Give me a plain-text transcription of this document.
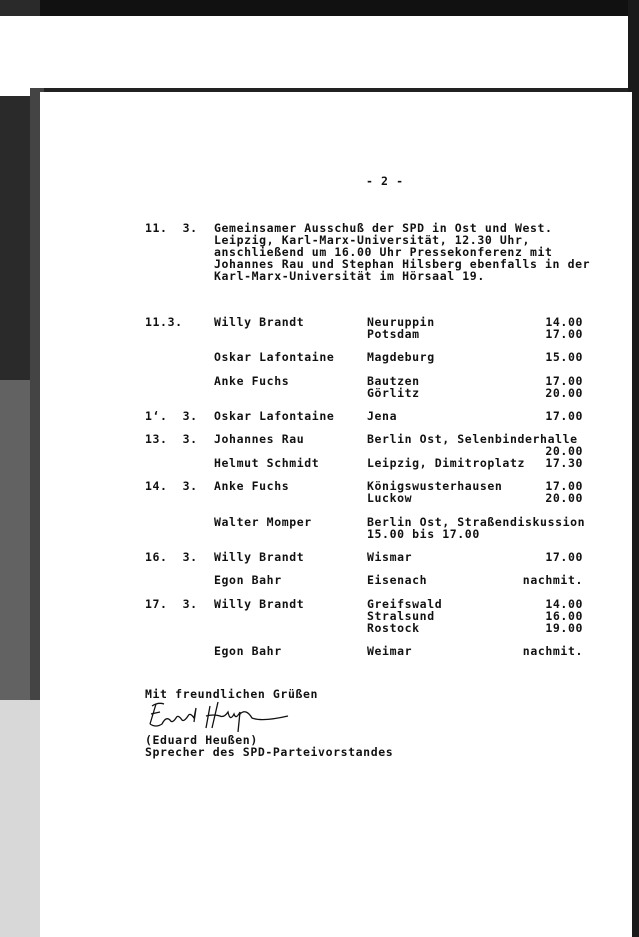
- 2 -
11.  3. Gemeinsamer Ausschuß der SPD in Ost und West.
Leipzig, Karl-Marx-Universität, 12.30 Uhr,
anschließend um 16.00 Uhr Pressekonferenz mit
Johannes Rau und Stephan Hilsberg ebenfalls in der
Karl-Marx-Universität im Hörsaal 19.
Mit freundlichen Grüßen
(Eduard Heußen)
Sprecher des SPD-Parteivorstandes
11.3.	Willy Brandt	Neuruppin	14.00
Potsdam	17.00
Oskar Lafontaine	Magdeburg	15.00
Anke Fuchs	Bautzen	17.00
Görlitz	20.00
1‘.  3. Oskar Lafontaine	Jena	17.00
13.  3. Johannes Rau	Berlin Ost, Selenbinderhalle
20.00
Helmut Schmidt	Leipzig, Dimitroplatz	17.30
14.  3. Anke Fuchs	Königswusterhausen	17.00
Luckow	20.00
Walter Momper	Berlin Ost, Straßendiskussion
15.00 bis 17.00
16.  3. Willy Brandt	Wismar	17.00
Egon Bahr	Eisenach	nachmit.
17.  3. Willy Brandt	Greifswald	14.00
Stralsund	16.00
Rostock	19.00
Egon Bahr	Weimar	nachmit.
